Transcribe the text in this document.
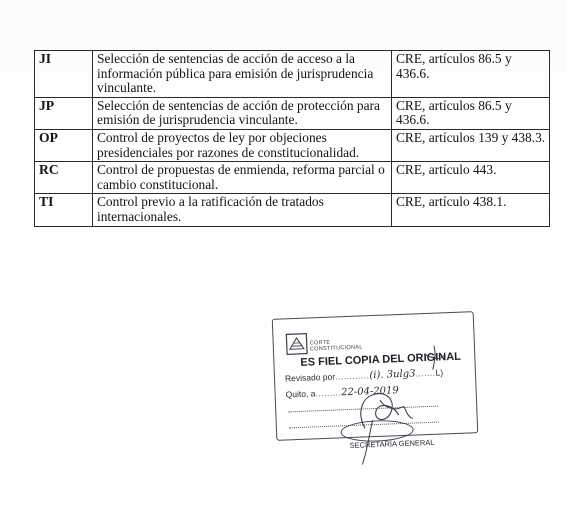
JI	Selección de sentencias de acción de acceso a la información pública para emisión de jurisprudencia vinculante.	CRE, artículos 86.5 y 436.6.
JP	Selección de sentencias de acción de protección para emisión de jurisprudencia vinculante.	CRE, artículos 86.5 y 436.6.
OP	Control de proyectos de ley por objeciones presidenciales por razones de constitucionalidad.	CRE, artículos 139 y 438.3.
RC	Control de propuestas de enmienda, reforma parcial o cambio constitucional.	CRE, artículo 443.
TI	Control previo a la ratificación de tratados internacionales.	CRE, artículo 438.1.
CORTE
CONSTITUCIONAL
ES FIEL COPIA DEL ORIGINAL
Revisado por............(i). 3ulg3.......L)
Quito, a.........22-04-2019
SECRETARÍA GENERAL
